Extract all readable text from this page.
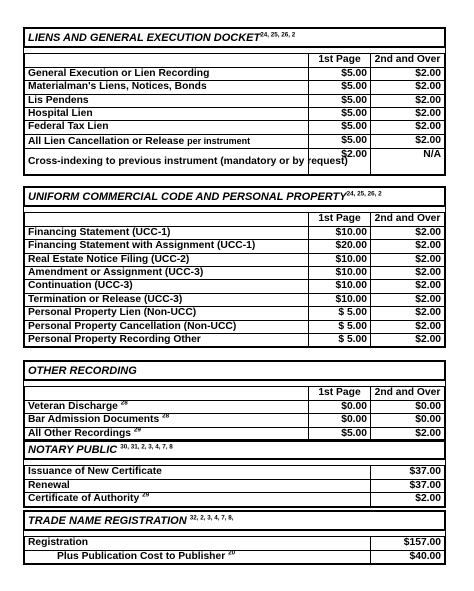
LIENS AND GENERAL EXECUTION DOCKET$^{24, 25, 26, 2}$

	1st Page	2nd and Over
General Execution or Lien Recording	$5.00	$2.00
Materialman's Liens, Notices, Bonds	$5.00	$2.00
Lis Pendens	$5.00	$2.00
Hospital Lien	$5.00	$2.00
Federal Tax Lien	$5.00	$2.00
All Lien Cancellation or Release per instrument	$5.00	$2.00
Cross-indexing to previous instrument (mandatory or by request)	$2.00	N/A
UNIFORM COMMERCIAL CODE AND PERSONAL PROPERTY$^{24, 25, 26, 2}$

	1st Page	2nd and Over
Financing Statement (UCC-1)	$10.00	$2.00
Financing Statement with Assignment (UCC-1)	$20.00	$2.00
Real Estate Notice Filing (UCC-2)	$10.00	$2.00
Amendment or Assignment (UCC-3)	$10.00	$2.00
Continuation (UCC-3)	$10.00	$2.00
Termination or Release (UCC-3)	$10.00	$2.00
Personal Property Lien (Non-UCC)	$ 5.00	$2.00
Personal Property Cancellation (Non-UCC)	$ 5.00	$2.00
Personal Property Recording Other	$ 5.00	$2.00
OTHER RECORDING		

	1st Page	2nd and Over
Veteran Discharge $^{28}$	$0.00	$0.00
Bar Admission Documents $^{28}$	$0.00	$0.00
All Other Recordings $^{29}$	$5.00	$2.00
NOTARY PUBLIC $^{30, 31, 2, 3, 4, 7, 8}$

Issuance of New Certificate	$37.00
Renewal	$37.00
Certificate of Authority $^{29}$	$2.00
TRADE NAME REGISTRATION $^{32, 2, 3, 4, 7, 8,}$

Registration	$157.00
Plus Publication Cost to Publisher $^{20}$	$40.00
